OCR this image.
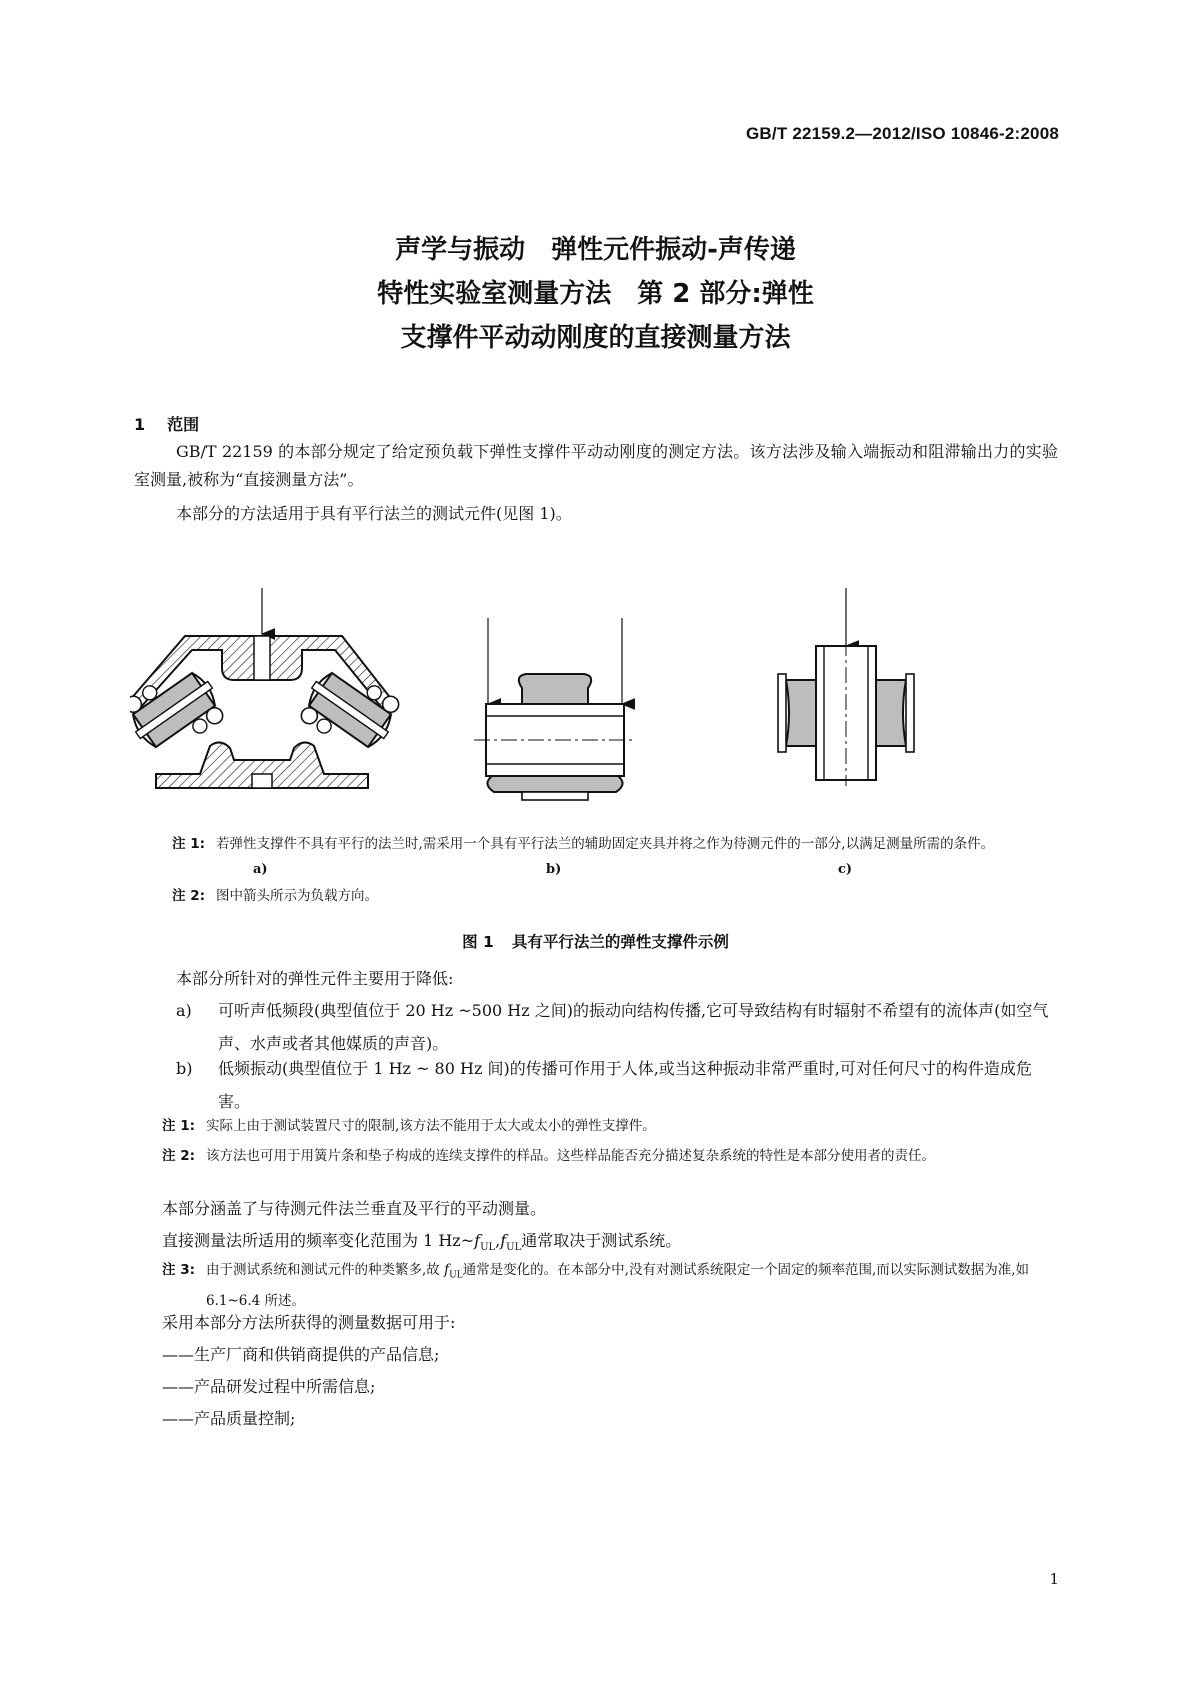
GB/T 22159.2—2012/ISO 10846-2:2008
声学与振动　弹性元件振动-声传递
特性实验室测量方法　第 2 部分:弹性
支撑件平动动刚度的直接测量方法
1 范围
GB/T 22159 的本部分规定了给定预负载下弹性支撑件平动动刚度的测定方法。该方法涉及输入端振动和阻滞输出力的实验室测量,被称为“直接测量方法”。
本部分的方法适用于具有平行法兰的测试元件(见图 1)。
a)	b)	c)
注 1: 若弹性支撑件不具有平行的法兰时,需采用一个具有平行法兰的辅助固定夹具并将之作为待测元件的一部分,以满足测量所需的条件。
注 2: 图中箭头所示为负载方向。
图 1 具有平行法兰的弹性支撑件示例
本部分所针对的弹性元件主要用于降低:
a)	可听声低频段(典型值位于 20 Hz ~500 Hz 之间)的振动向结构传播,它可导致结构有时辐射不希望有的流体声(如空气声、水声或者其他媒质的声音)。
b)	低频振动(典型值位于 1 Hz ~ 80 Hz 间)的传播可作用于人体,或当这种振动非常严重时,可对任何尺寸的构件造成危害。
注 1: 实际上由于测试装置尺寸的限制,该方法不能用于太大或太小的弹性支撑件。
注 2: 该方法也可用于用簧片条和垫子构成的连续支撑件的样品。这些样品能否充分描述复杂系统的特性是本部分使用者的责任。
本部分涵盖了与待测元件法兰垂直及平行的平动测量。
直接测量法所适用的频率变化范围为 1 $Hz\sim f_{UL},f_{UL}$通常取决于测试系统。
注 3: 由于测试系统和测试元件的种类繁多,故 $f_{UL}$通常是变化的。在本部分中,没有对测试系统限定一个固定的频率范围,而以实际测试数据为准,如 6.1~6.4 所述。
采用本部分方法所获得的测量数据可用于:
——生产厂商和供销商提供的产品信息;
——产品研发过程中所需信息;
——产品质量控制;
1
